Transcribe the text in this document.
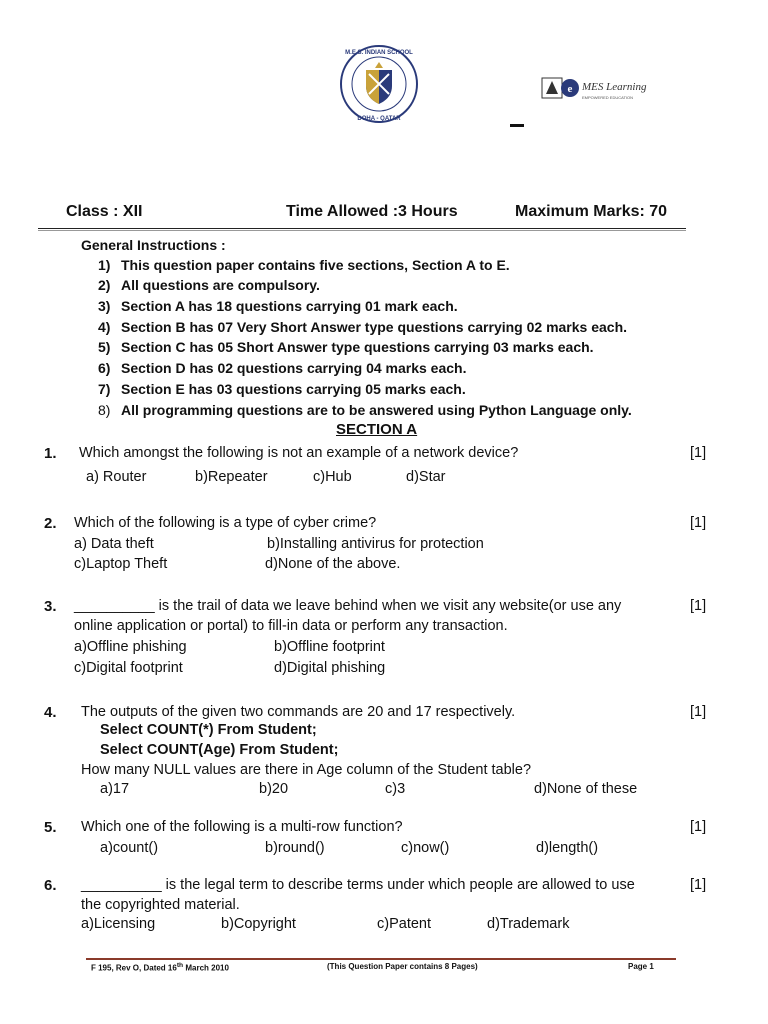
M.E.S. INDIAN SCHOOL
DOHA - QATAR
e MES Learning
EMPOWERED EDUCATION
Class : XII	Time Allowed :3 Hours	Maximum Marks: 70
General Instructions :
1) This question paper contains five sections, Section A to E.
2) All questions are compulsory.
3) Section A has 18 questions carrying 01 mark each.
4) Section B has 07 Very Short Answer type questions carrying 02 marks each.
5) Section C has 05 Short Answer type questions carrying 03 marks each.
6) Section D has 02 questions carrying 04 marks each.
7) Section E has 03 questions carrying 05 marks each.
8) All programming questions are to be answered using Python Language only.
SECTION A
1. Which amongst the following is not an example of a network device?	[1]
a) Router	b)Repeater	c)Hub	d)Star
2. Which of the following is a type of cyber crime?	[1]
a) Data theft	b)Installing antivirus for protection
c)Laptop Theft	d)None of the above.
3. __________ is the trail of data we leave behind when we visit any website(or use any
online application or portal) to fill-in data or perform any transaction.
[1]
a)Offline phishing	b)Offline footprint
c)Digital footprint	d)Digital phishing
4. The outputs of the given two commands are 20 and 17 respectively.	[1]
Select COUNT(*) From Student;
Select COUNT(Age) From Student;
How many NULL values are there in Age column of the Student table?
a)17	b)20	c)3	d)None of these
5. Which one of the following is a multi-row function?	[1]
a)count()	b)round()	c)now()	d)length()
6. __________ is the legal term to describe terms under which people are allowed to use
the copyrighted material.
[1]
a)Licensing	b)Copyright	c)Patent	d)Trademark
F 195, Rev O, Dated 16th March 2010	(This Question Paper contains 8 Pages)	Page 1
